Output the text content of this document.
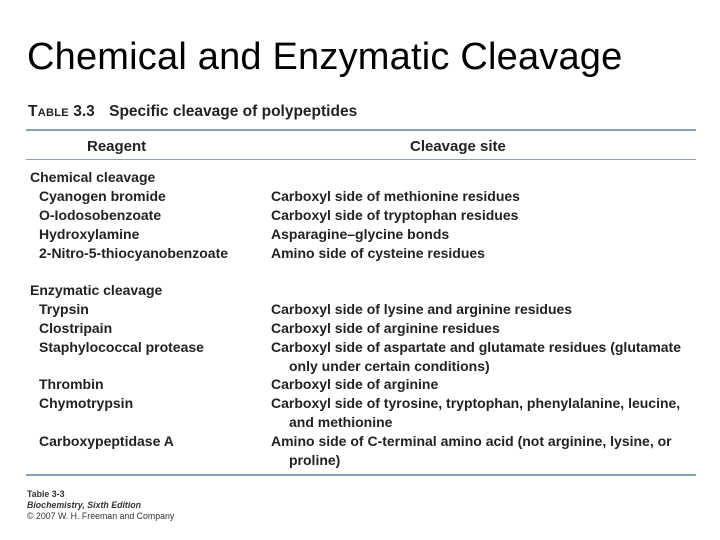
Chemical and Enzymatic Cleavage
Table 3.3 Specific cleavage of polypeptides
Reagent	Cleavage site
Chemical cleavage
Cyanogen bromide	Carboxyl side of methionine residues
O-Iodosobenzoate	Carboxyl side of tryptophan residues
Hydroxylamine	Asparagine–glycine bonds
2-Nitro-5-thiocyanobenzoate	Amino side of cysteine residues
Enzymatic cleavage
Trypsin	Carboxyl side of lysine and arginine residues
Clostripain	Carboxyl side of arginine residues
Staphylococcal protease	Carboxyl side of aspartate and glutamate residues (glutamate
only under certain conditions)
Thrombin	Carboxyl side of arginine
Chymotrypsin	Carboxyl side of tyrosine, tryptophan, phenylalanine, leucine,
and methionine
Carboxypeptidase A	Amino side of C-terminal amino acid (not arginine, lysine, or
proline)
Table 3-3
Biochemistry, Sixth Edition
© 2007 W. H. Freeman and Company
